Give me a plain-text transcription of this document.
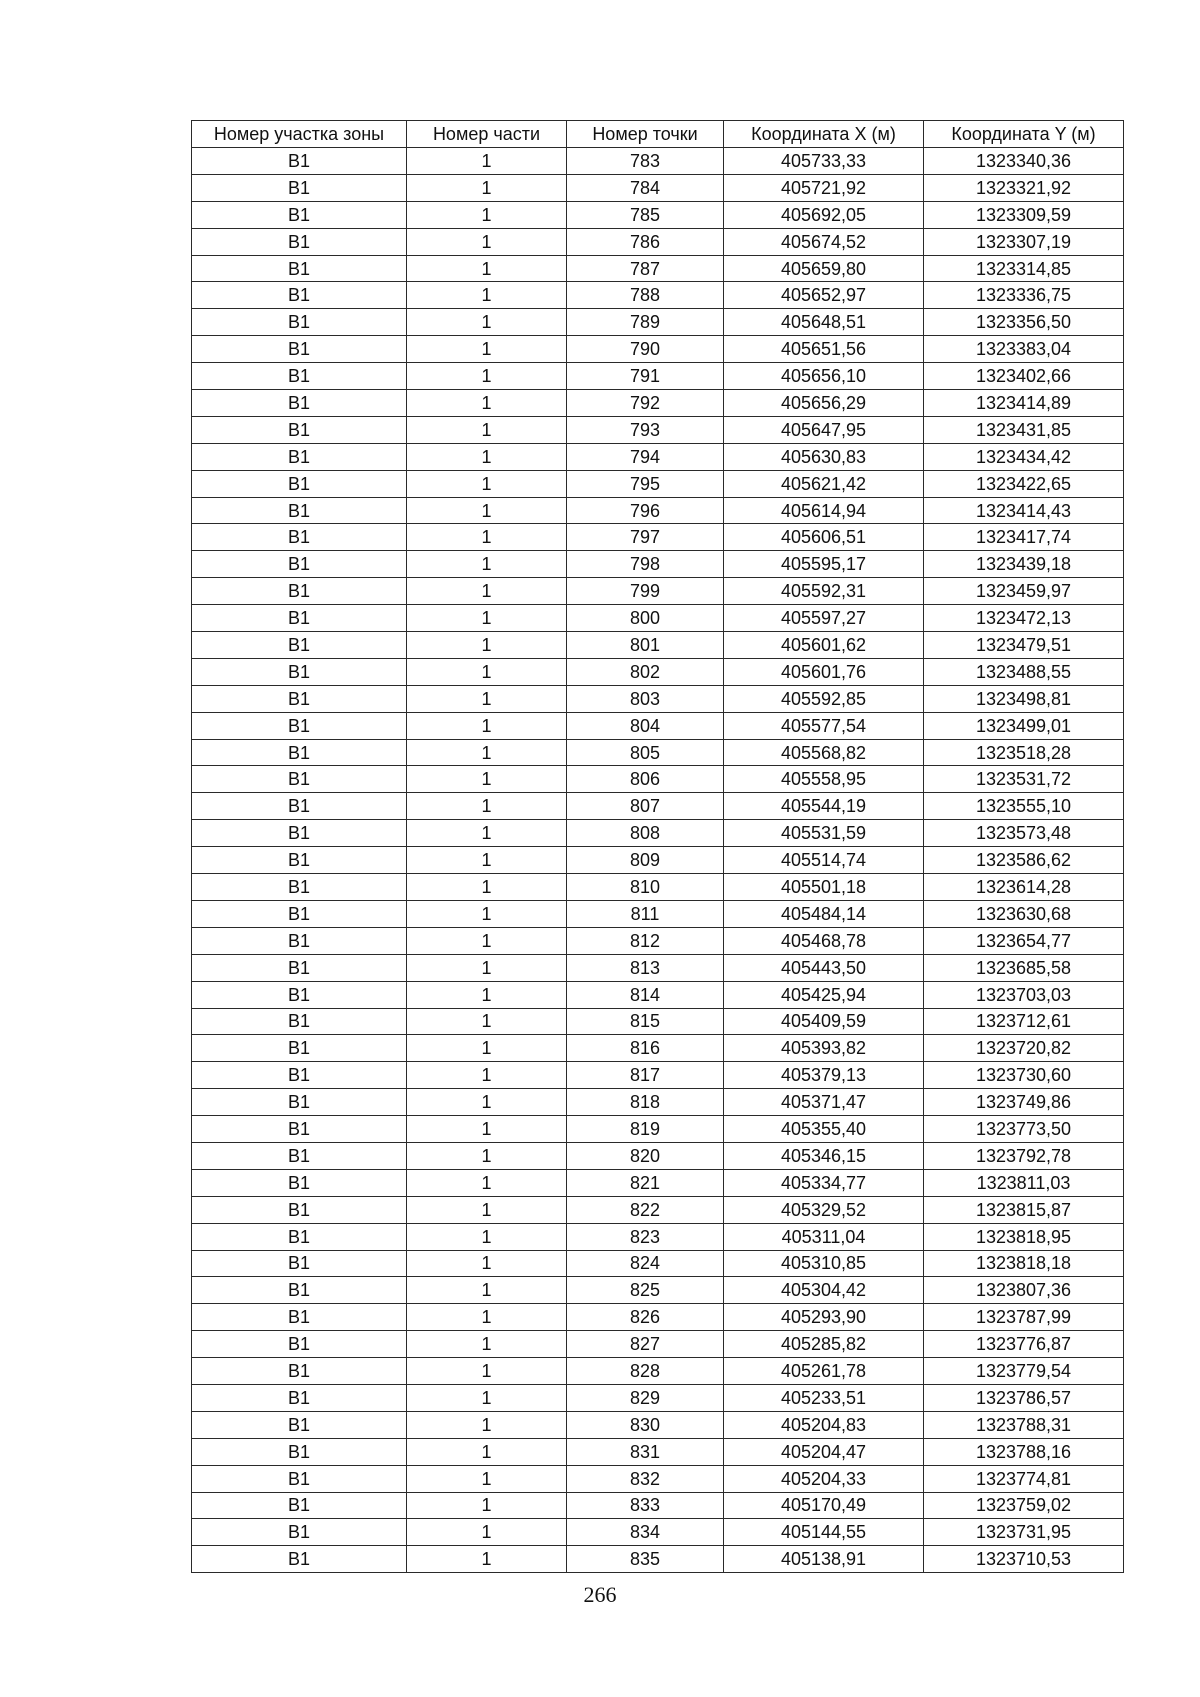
Номер участка зоны	Номер части	Номер точки	Координата X (м)	Координата Y (м)
В1	1	783	405733,33	1323340,36
В1	1	784	405721,92	1323321,92
В1	1	785	405692,05	1323309,59
В1	1	786	405674,52	1323307,19
В1	1	787	405659,80	1323314,85
В1	1	788	405652,97	1323336,75
В1	1	789	405648,51	1323356,50
В1	1	790	405651,56	1323383,04
В1	1	791	405656,10	1323402,66
В1	1	792	405656,29	1323414,89
В1	1	793	405647,95	1323431,85
В1	1	794	405630,83	1323434,42
В1	1	795	405621,42	1323422,65
В1	1	796	405614,94	1323414,43
В1	1	797	405606,51	1323417,74
В1	1	798	405595,17	1323439,18
В1	1	799	405592,31	1323459,97
В1	1	800	405597,27	1323472,13
В1	1	801	405601,62	1323479,51
В1	1	802	405601,76	1323488,55
В1	1	803	405592,85	1323498,81
В1	1	804	405577,54	1323499,01
В1	1	805	405568,82	1323518,28
В1	1	806	405558,95	1323531,72
В1	1	807	405544,19	1323555,10
В1	1	808	405531,59	1323573,48
В1	1	809	405514,74	1323586,62
В1	1	810	405501,18	1323614,28
В1	1	811	405484,14	1323630,68
В1	1	812	405468,78	1323654,77
В1	1	813	405443,50	1323685,58
В1	1	814	405425,94	1323703,03
В1	1	815	405409,59	1323712,61
В1	1	816	405393,82	1323720,82
В1	1	817	405379,13	1323730,60
В1	1	818	405371,47	1323749,86
В1	1	819	405355,40	1323773,50
В1	1	820	405346,15	1323792,78
В1	1	821	405334,77	1323811,03
В1	1	822	405329,52	1323815,87
В1	1	823	405311,04	1323818,95
В1	1	824	405310,85	1323818,18
В1	1	825	405304,42	1323807,36
В1	1	826	405293,90	1323787,99
В1	1	827	405285,82	1323776,87
В1	1	828	405261,78	1323779,54
В1	1	829	405233,51	1323786,57
В1	1	830	405204,83	1323788,31
В1	1	831	405204,47	1323788,16
В1	1	832	405204,33	1323774,81
В1	1	833	405170,49	1323759,02
В1	1	834	405144,55	1323731,95
В1	1	835	405138,91	1323710,53
266
